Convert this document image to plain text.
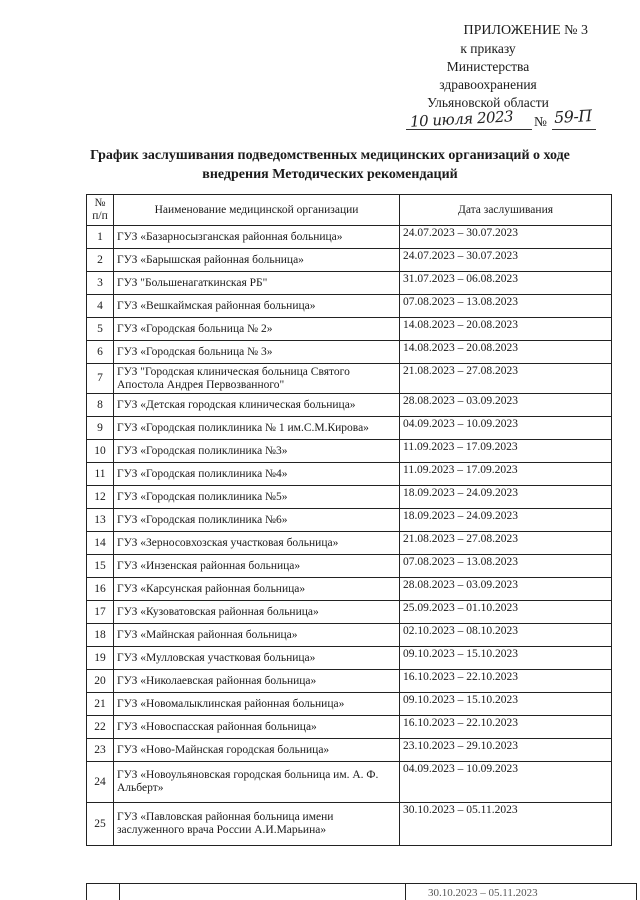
ПРИЛОЖЕНИЕ № 3
к приказу
Министерства
здравоохранения
Ульяновской области
10 июля 2023 № 59-П
График заслушивания подведомственных медицинских организаций о ходе
внедрения Методических рекомендаций
№ п/п	Наименование медицинской организации	Дата заслушивания
1	ГУЗ «Базарносызганская районная больница»	24.07.2023 – 30.07.2023
2	ГУЗ «Барышская районная больница»	24.07.2023 – 30.07.2023
3	ГУЗ "Большенагаткинская РБ"	31.07.2023 – 06.08.2023
4	ГУЗ «Вешкаймская районная больница»	07.08.2023 – 13.08.2023
5	ГУЗ «Городская больница № 2»	14.08.2023 – 20.08.2023
6	ГУЗ «Городская больница № 3»	14.08.2023 – 20.08.2023
7	ГУЗ "Городская клиническая больница Святого Апостола Андрея Первозванного"	21.08.2023 – 27.08.2023
8	ГУЗ «Детская городская клиническая больница»	28.08.2023 – 03.09.2023
9	ГУЗ «Городская поликлиника № 1 им.С.М.Кирова»	04.09.2023 – 10.09.2023
10	ГУЗ «Городская поликлиника №3»	11.09.2023 – 17.09.2023
11	ГУЗ «Городская поликлиника №4»	11.09.2023 – 17.09.2023
12	ГУЗ «Городская поликлиника №5»	18.09.2023 – 24.09.2023
13	ГУЗ «Городская поликлиника №6»	18.09.2023 – 24.09.2023
14	ГУЗ «Зерносовхозская участковая больница»	21.08.2023 – 27.08.2023
15	ГУЗ «Инзенская районная больница»	07.08.2023 – 13.08.2023
16	ГУЗ «Карсунская районная больница»	28.08.2023 – 03.09.2023
17	ГУЗ «Кузоватовская районная больница»	25.09.2023 – 01.10.2023
18	ГУЗ «Майнская районная больница»	02.10.2023 – 08.10.2023
19	ГУЗ «Мулловская участковая больница»	09.10.2023 – 15.10.2023
20	ГУЗ «Николаевская районная больница»	16.10.2023 – 22.10.2023
21	ГУЗ «Новомалыклинская районная больница»	09.10.2023 – 15.10.2023
22	ГУЗ «Новоспасская районная больница»	16.10.2023 – 22.10.2023
23	ГУЗ «Ново-Майнская городская больница»	23.10.2023 – 29.10.2023
24	ГУЗ «Новоульяновская городская больница им. А. Ф. Альберт»	04.09.2023 – 10.09.2023
25	ГУЗ «Павловская районная больница имени заслуженного врача России А.И.Марьина»	30.10.2023 – 05.11.2023
		30.10.2023 – 05.11.2023
